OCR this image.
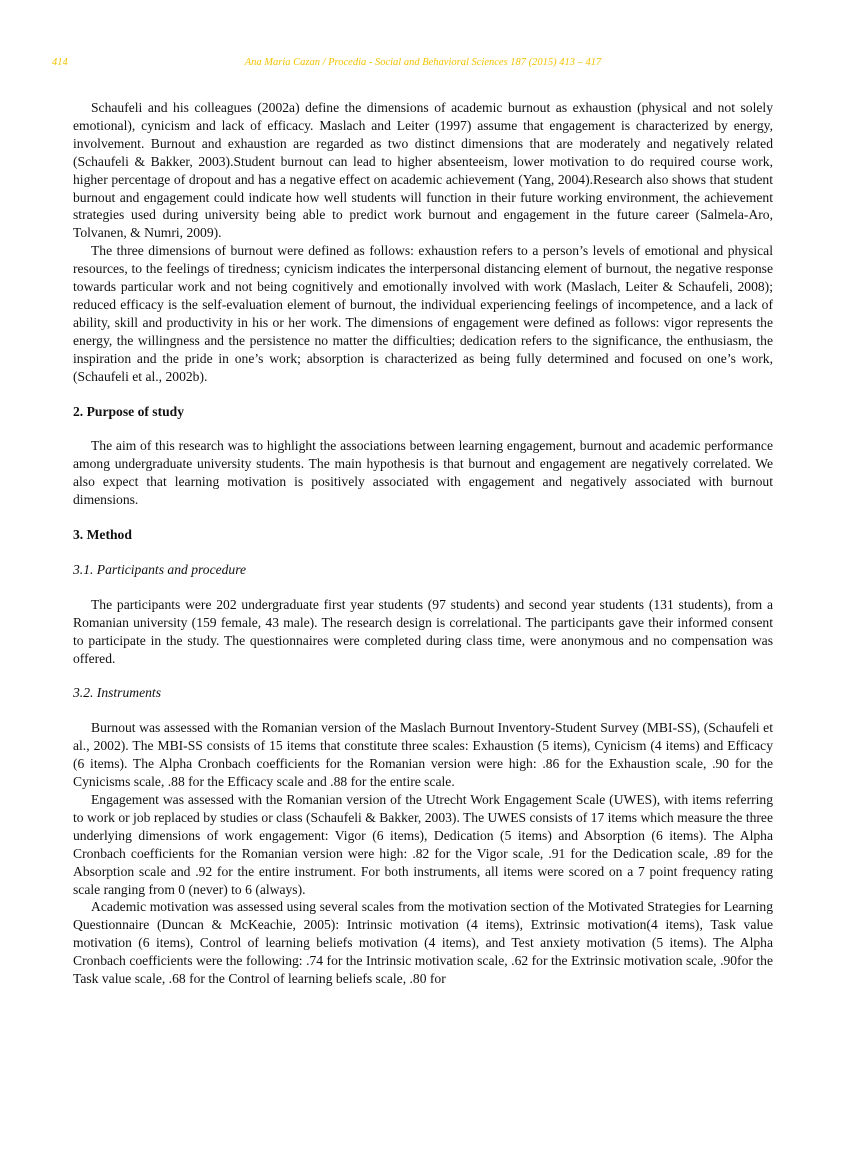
414	Ana Maria Cazan / Procedia - Social and Behavioral Sciences 187 (2015) 413 – 417

Schaufeli and his colleagues (2002a) define the dimensions of academic burnout as exhaustion (physical and not solely emotional), cynicism and lack of efficacy. Maslach and Leiter (1997) assume that engagement is characterized by energy, involvement. Burnout and exhaustion are regarded as two distinct dimensions that are moderately and negatively related (Schaufeli & Bakker, 2003).Student burnout can lead to higher absenteeism, lower motivation to do required course work, higher percentage of dropout and has a negative effect on academic achievement (Yang, 2004).Research also shows that student burnout and engagement could indicate how well students will function in their future working environment, the achievement strategies used during university being able to predict work burnout and engagement in the future career (Salmela-Aro, Tolvanen, & Numri, 2009).

The three dimensions of burnout were defined as follows: exhaustion refers to a person’s levels of emotional and physical resources, to the feelings of tiredness; cynicism indicates the interpersonal distancing element of burnout, the negative response towards particular work and not being cognitively and emotionally involved with work (Maslach, Leiter & Schaufeli, 2008); reduced efficacy is the self-evaluation element of burnout, the individual experiencing feelings of incompetence, and a lack of ability, skill and productivity in his or her work. The dimensions of engagement were defined as follows: vigor represents the energy, the willingness and the persistence no matter the difficulties; dedication refers to the significance, the enthusiasm, the inspiration and the pride in one’s work; absorption is characterized as being fully determined and focused on one’s work, (Schaufeli et al., 2002b).

2. Purpose of study

The aim of this research was to highlight the associations between learning engagement, burnout and academic performance among undergraduate university students. The main hypothesis is that burnout and engagement are negatively correlated. We also expect that learning motivation is positively associated with engagement and negatively associated with burnout dimensions.

3. Method
3.1. Participants and procedure

The participants were 202 undergraduate first year students (97 students) and second year students (131 students), from a Romanian university (159 female, 43 male). The research design is correlational. The participants gave their informed consent to participate in the study. The questionnaires were completed during class time, were anonymous and no compensation was offered.

3.2. Instruments

Burnout was assessed with the Romanian version of the Maslach Burnout Inventory-Student Survey (MBI-SS), (Schaufeli et al., 2002). The MBI-SS consists of 15 items that constitute three scales: Exhaustion (5 items), Cynicism (4 items) and Efficacy (6 items). The Alpha Cronbach coefficients for the Romanian version were high: .86 for the Exhaustion scale, .90 for the Cynicisms scale, .88 for the Efficacy scale and .88 for the entire scale.

Engagement was assessed with the Romanian version of the Utrecht Work Engagement Scale (UWES), with items referring to work or job replaced by studies or class (Schaufeli & Bakker, 2003). The UWES consists of 17 items which measure the three underlying dimensions of work engagement: Vigor (6 items), Dedication (5 items) and Absorption (6 items). The Alpha Cronbach coefficients for the Romanian version were high: .82 for the Vigor scale, .91 for the Dedication scale, .89 for the Absorption scale and .92 for the entire instrument. For both instruments, all items were scored on a 7 point frequency rating scale ranging from 0 (never) to 6 (always).

Academic motivation was assessed using several scales from the motivation section of the Motivated Strategies for Learning Questionnaire (Duncan & McKeachie, 2005): Intrinsic motivation (4 items), Extrinsic motivation(4 items), Task value motivation (6 items), Control of learning beliefs motivation (4 items), and Test anxiety motivation (5 items). The Alpha Cronbach coefficients were the following: .74 for the Intrinsic motivation scale, .62 for the Extrinsic motivation scale, .90for the Task value scale, .68 for the Control of learning beliefs scale, .80 for
